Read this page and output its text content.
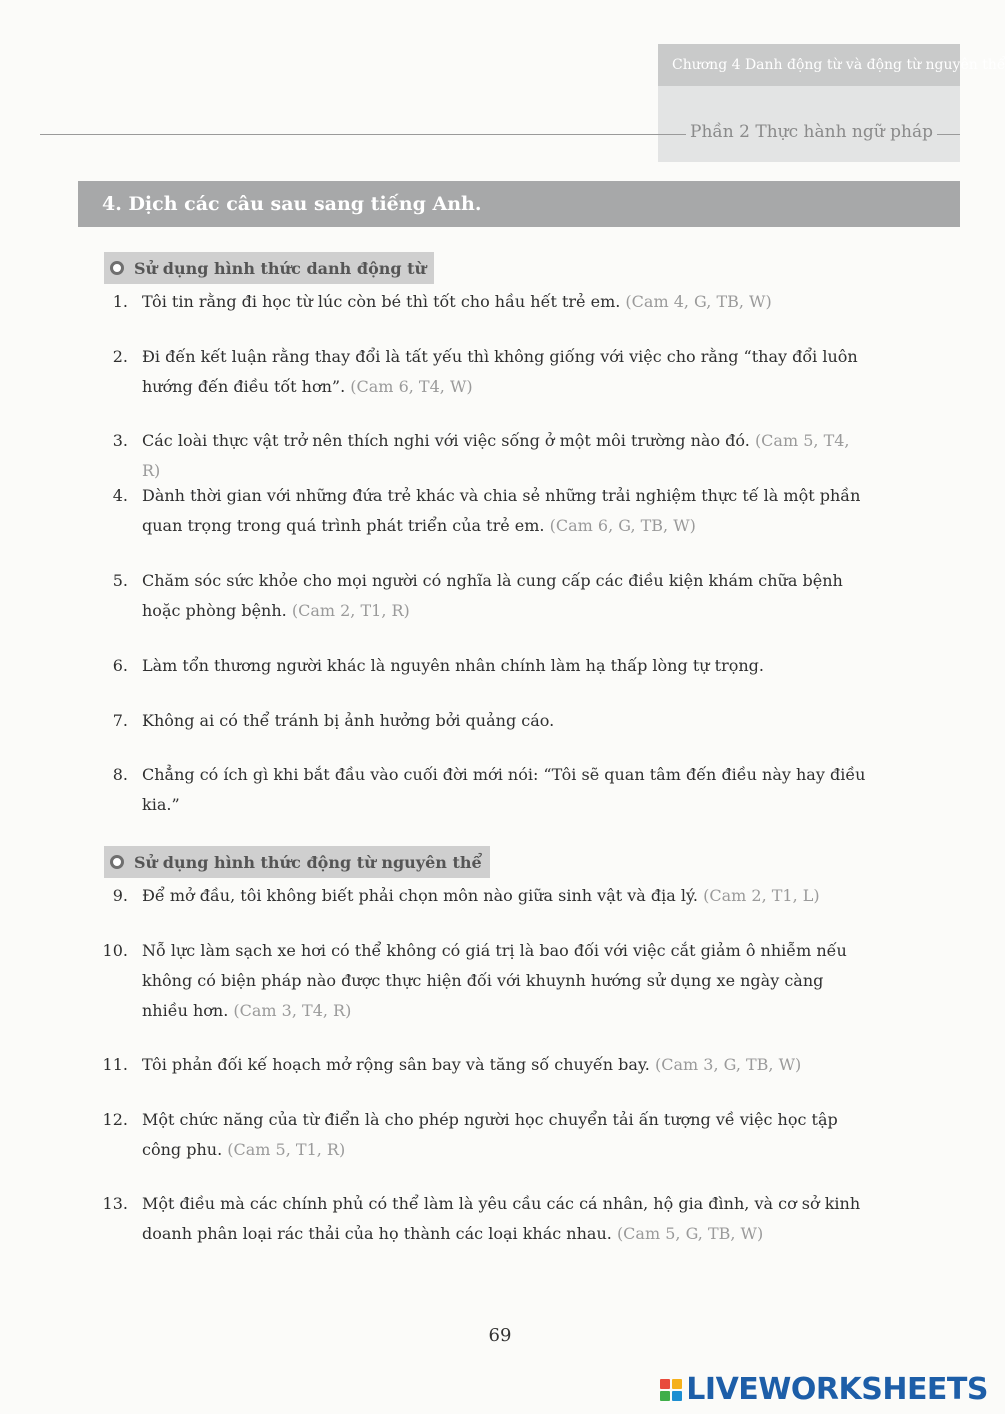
Chương 4 Danh động từ và động từ nguyên thể
Phần 2 Thực hành ngữ pháp
4. Dịch các câu sau sang tiếng Anh.
Sử dụng hình thức danh động từ
1. Tôi tin rằng đi học từ lúc còn bé thì tốt cho hầu hết trẻ em. (Cam 4, G, TB, W)
2. Đi đến kết luận rằng thay đổi là tất yếu thì không giống với việc cho rằng “thay đổi luôn hướng đến điều tốt hơn”. (Cam 6, T4, W)
3. Các loài thực vật trở nên thích nghi với việc sống ở một môi trường nào đó. (Cam 5, T4, R)
4. Dành thời gian với những đứa trẻ khác và chia sẻ những trải nghiệm thực tế là một phần quan trọng trong quá trình phát triển của trẻ em. (Cam 6, G, TB, W)
5. Chăm sóc sức khỏe cho mọi người có nghĩa là cung cấp các điều kiện khám chữa bệnh hoặc phòng bệnh. (Cam 2, T1, R)
6. Làm tổn thương người khác là nguyên nhân chính làm hạ thấp lòng tự trọng.
7. Không ai có thể tránh bị ảnh hưởng bởi quảng cáo.
8. Chẳng có ích gì khi bắt đầu vào cuối đời mới nói: “Tôi sẽ quan tâm đến điều này hay điều kia.”
Sử dụng hình thức động từ nguyên thể
9. Để mở đầu, tôi không biết phải chọn môn nào giữa sinh vật và địa lý. (Cam 2, T1, L)
10. Nỗ lực làm sạch xe hơi có thể không có giá trị là bao đối với việc cắt giảm ô nhiễm nếu không có biện pháp nào được thực hiện đối với khuynh hướng sử dụng xe ngày càng nhiều hơn. (Cam 3, T4, R)
11. Tôi phản đối kế hoạch mở rộng sân bay và tăng số chuyến bay. (Cam 3, G, TB, W)
12. Một chức năng của từ điển là cho phép người học chuyển tải ấn tượng về việc học tập công phu. (Cam 5, T1, R)
13. Một điều mà các chính phủ có thể làm là yêu cầu các cá nhân, hộ gia đình, và cơ sở kinh doanh phân loại rác thải của họ thành các loại khác nhau. (Cam 5, G, TB, W)
69
LIVEWORKSHEETS
